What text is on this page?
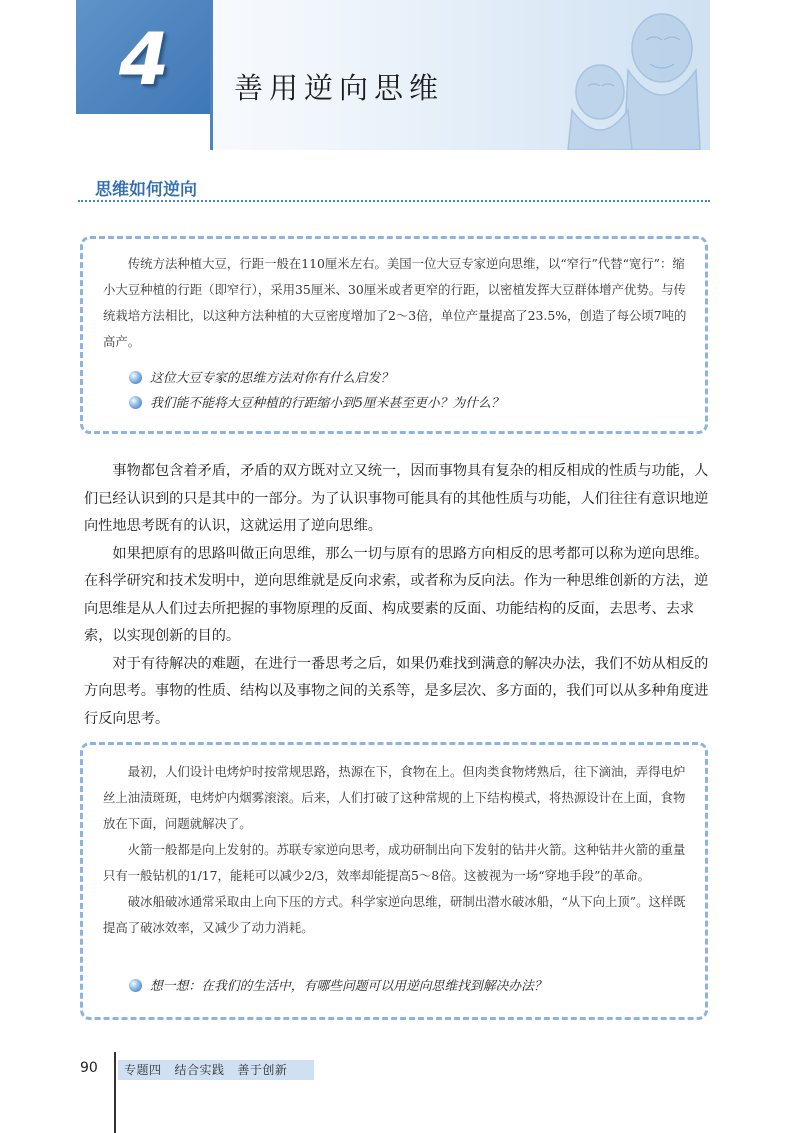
4 善用逆向思维
思维如何逆向

传统方法种植大豆，行距一般在110厘米左右。美国一位大豆专家逆向思维，以“窄行”代替“宽行”：缩小大豆种植的行距（即窄行），采用35厘米、30厘米或者更窄的行距，以密植发挥大豆群体增产优势。与传统栽培方法相比，以这种方法种植的大豆密度增加了2～3倍，单位产量提高了23.5%，创造了每公顷7吨的高产。

这位大豆专家的思维方法对你有什么启发？
我们能不能将大豆种植的行距缩小到5厘米甚至更小？为什么？

事物都包含着矛盾，矛盾的双方既对立又统一，因而事物具有复杂的相反相成的性质与功能，人们已经认识到的只是其中的一部分。为了认识事物可能具有的其他性质与功能，人们往往有意识地逆向性地思考既有的认识，这就运用了逆向思维。

如果把原有的思路叫做正向思维，那么一切与原有的思路方向相反的思考都可以称为逆向思维。在科学研究和技术发明中，逆向思维就是反向求索，或者称为反向法。作为一种思维创新的方法，逆向思维是从人们过去所把握的事物原理的反面、构成要素的反面、功能结构的反面，去思考、去求索，以实现创新的目的。

对于有待解决的难题，在进行一番思考之后，如果仍难找到满意的解决办法，我们不妨从相反的方向思考。事物的性质、结构以及事物之间的关系等，是多层次、多方面的，我们可以从多种角度进行反向思考。

最初，人们设计电烤炉时按常规思路，热源在下，食物在上。但肉类食物烤熟后，往下滴油，弄得电炉丝上油渍斑斑，电烤炉内烟雾滚滚。后来，人们打破了这种常规的上下结构模式，将热源设计在上面，食物放在下面，问题就解决了。

火箭一般都是向上发射的。苏联专家逆向思考，成功研制出向下发射的钻井火箭。这种钻井火箭的重量只有一般钻机的1/17，能耗可以减少2/3，效率却能提高5～8倍。这被视为一场“穿地手段”的革命。

破冰船破冰通常采取由上向下压的方式。科学家逆向思维，研制出潜水破冰船，“从下向上顶”。这样既提高了破冰效率，又减少了动力消耗。

想一想：在我们的生活中，有哪些问题可以用逆向思维找到解决办法？
90	专题四   结合实践   善于创新
